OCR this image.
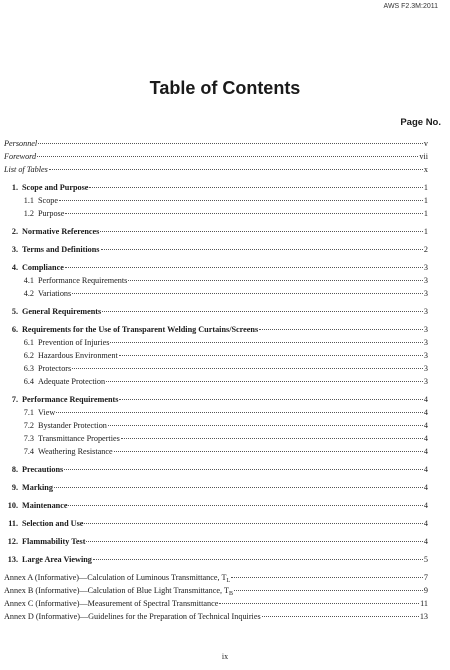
AWS F2.3M:2011
Table of Contents
Page No.
Personnel	v
Foreword	vii
List of Tables	x
1. Scope and Purpose	1
1.1 Scope	1
1.2 Purpose	1
2. Normative References	1
3. Terms and Definitions	2
4. Compliance	3
4.1 Performance Requirements	3
4.2 Variations	3
5. General Requirements	3
6. Requirements for the Use of Transparent Welding Curtains/Screens	3
6.1 Prevention of Injuries	3
6.2 Hazardous Environment	3
6.3 Protectors	3
6.4 Adequate Protection	3
7. Performance Requirements	4
7.1 View	4
7.2 Bystander Protection	4
7.3 Transmittance Properties	4
7.4 Weathering Resistance	4
8. Precautions	4
9. Marking	4
10. Maintenance	4
11. Selection and Use	4
12. Flammability Test	4
13. Large Area Viewing	5
Annex A (Informative)—Calculation of Luminous Transmittance, $T_L$	7
Annex B (Informative)—Calculation of Blue Light Transmittance, $T_B$	9
Annex C (Informative)—Measurement of Spectral Transmittance	11
Annex D (Informative)—Guidelines for the Preparation of Technical Inquiries	13
ix
